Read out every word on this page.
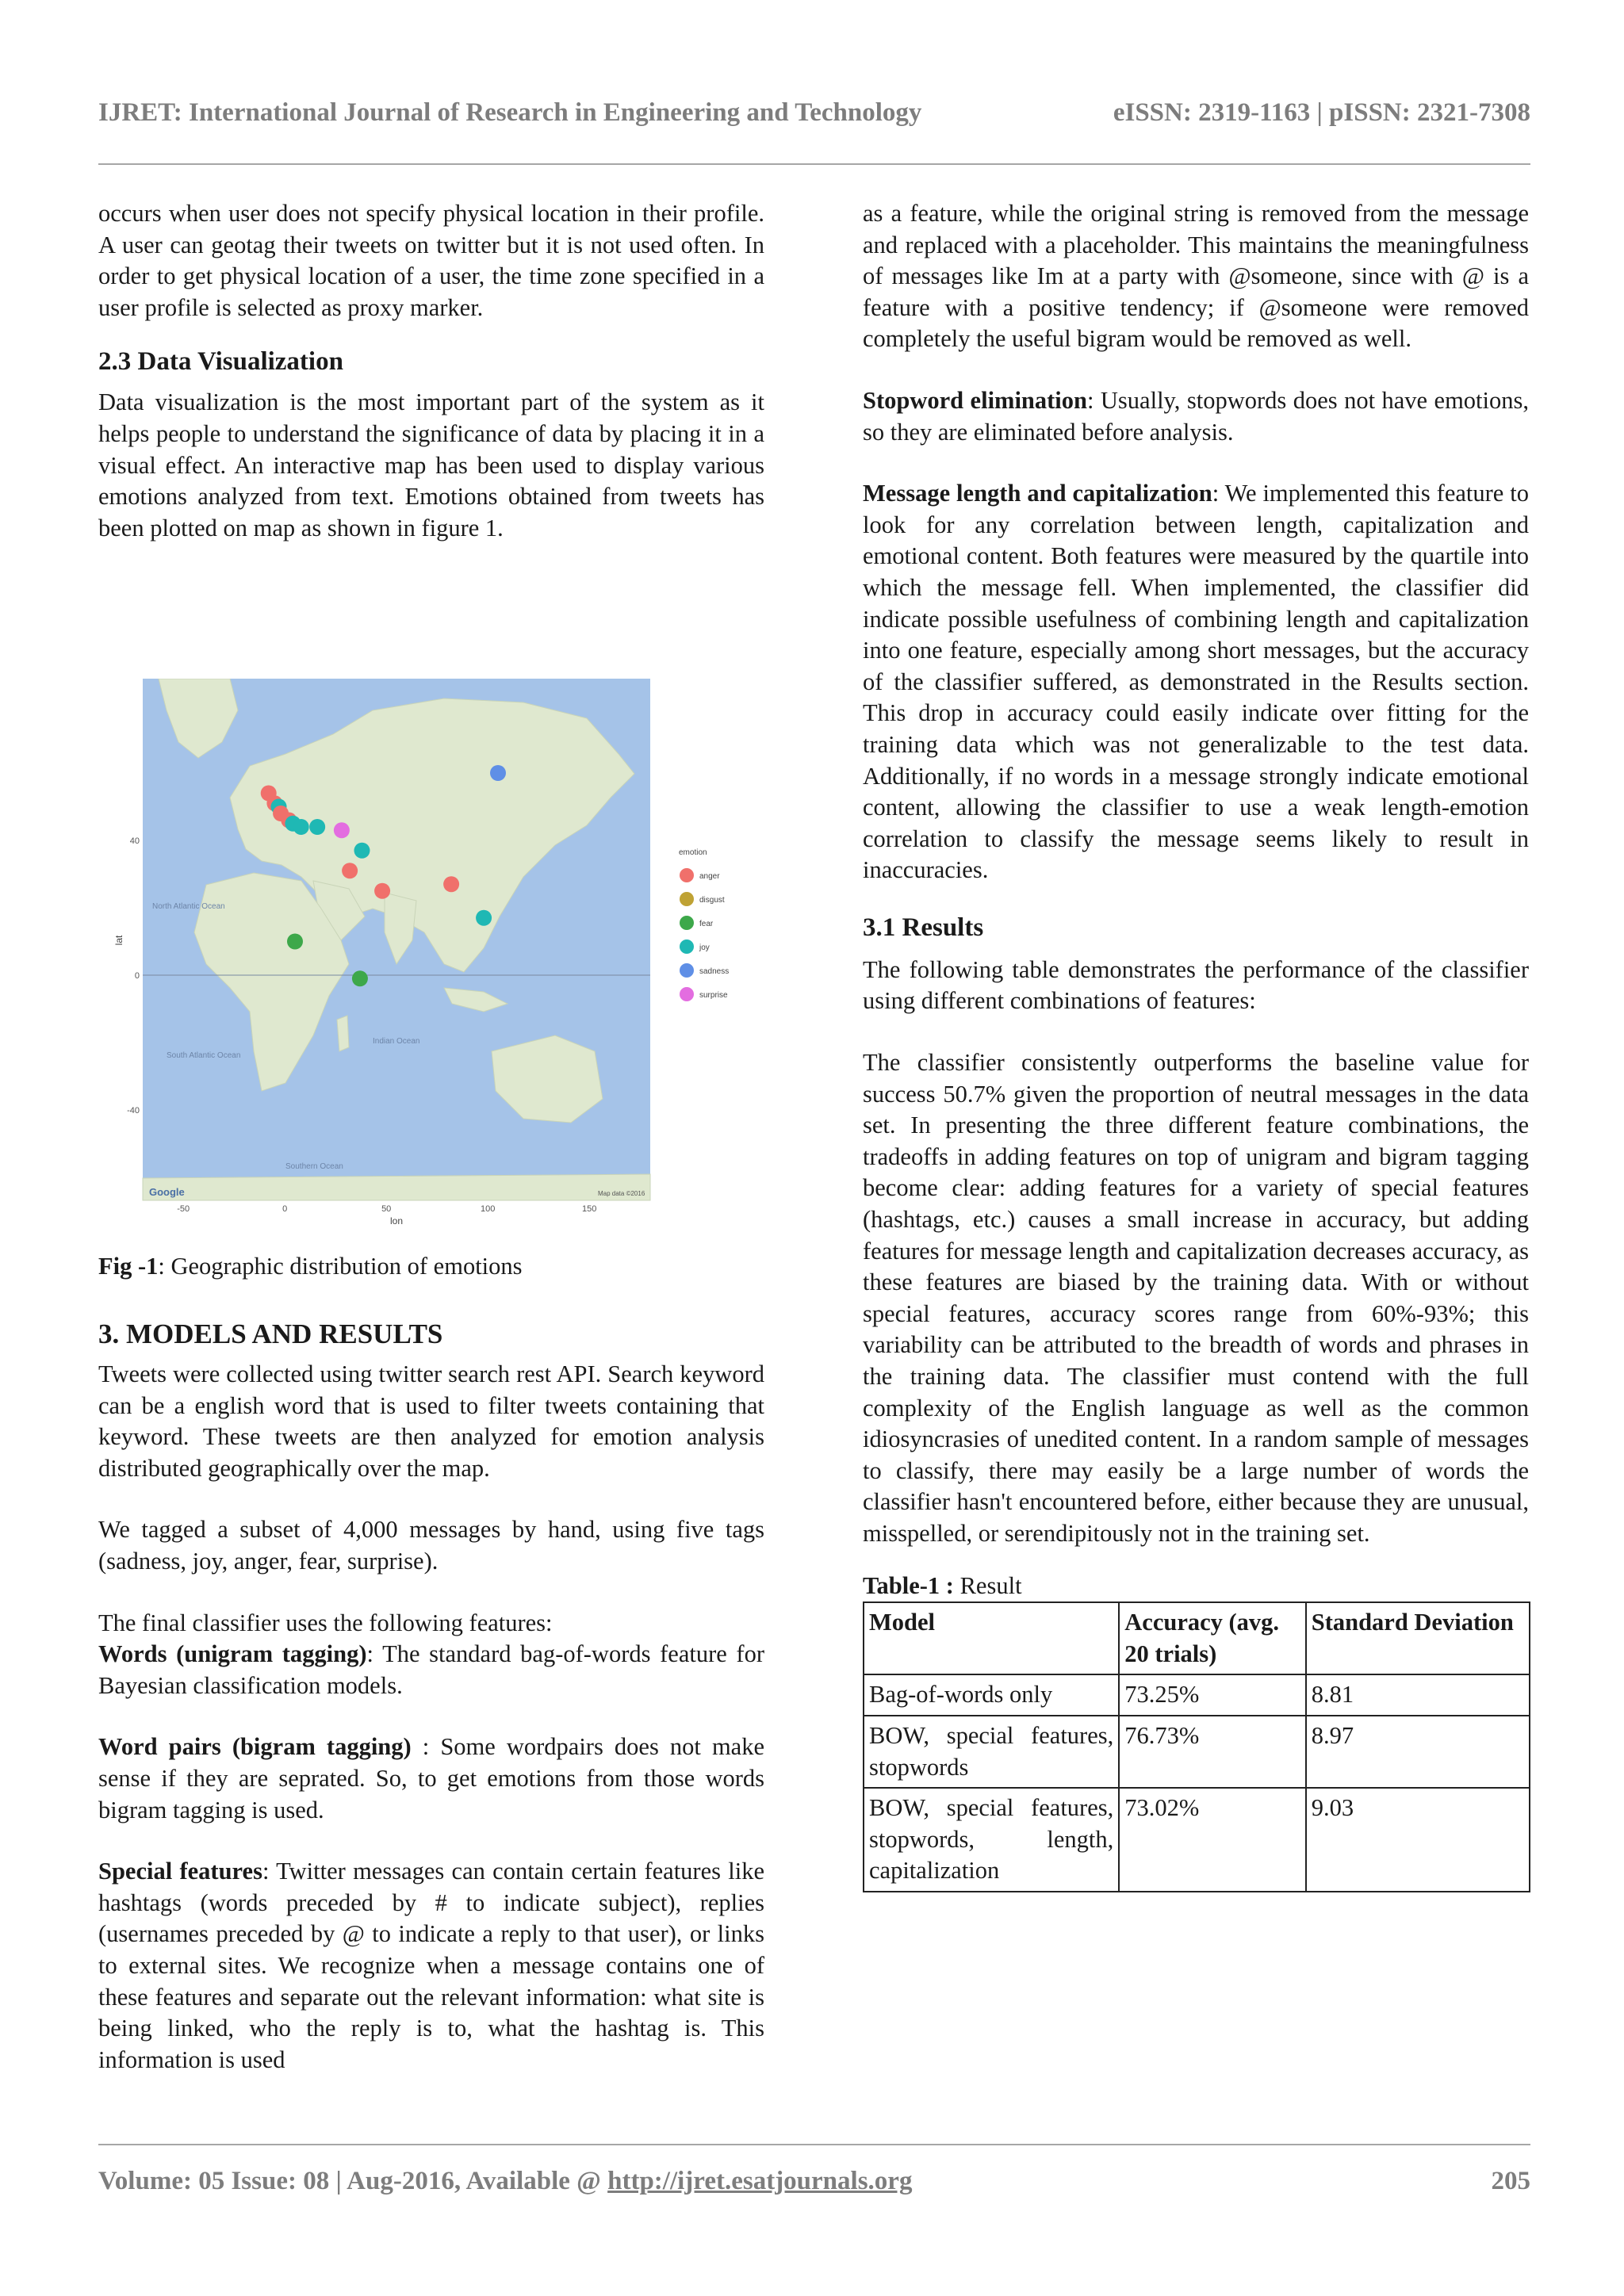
IJRET: International Journal of Research in Engineering and Technology	eISSN: 2319-1163 | pISSN: 2321-7308

occurs when user does not specify physical location in their profile. A user can geotag their tweets on twitter but it is not used often. In order to get physical location of a user, the time zone specified in a user profile is selected as proxy marker.

2.3 Data Visualization

Data visualization is the most important part of the system as it helps people to understand the significance of data by placing it in a visual effect. An interactive map has been used to display various emotions analyzed from text. Emotions obtained from tweets has been plotted on map as shown in figure 1.

North Atlantic Ocean
South Atlantic Ocean
Indian Ocean
Southern Ocean
Google	Map data ©2016
-50	0	50	100	150
40
0
-40
lon
lat
emotion
anger
disgust
fear
joy
sadness
surprise

Fig -1: Geographic distribution of emotions

3. MODELS AND RESULTS

Tweets were collected using twitter search rest API. Search keyword can be a english word that is used to filter tweets containing that keyword. These tweets are then analyzed for emotion analysis distributed geographically over the map.

We tagged a subset of 4,000 messages by hand, using five tags (sadness, joy, anger, fear, surprise).

The final classifier uses the following features:

Words (unigram tagging): The standard bag-of-words feature for Bayesian classification models.

Word pairs (bigram tagging) : Some wordpairs does not make sense if they are seprated. So, to get emotions from those words bigram tagging is used.

Special features: Twitter messages can contain certain features like hashtags (words preceded by # to indicate subject), replies (usernames preceded by @ to indicate a reply to that user), or links to external sites. We recognize when a message contains one of these features and separate out the relevant information: what site is being linked, who the reply is to, what the hashtag is. This information is used

as a feature, while the original string is removed from the message and replaced with a placeholder. This maintains the meaningfulness of messages like Im at a party with @someone, since with @ is a feature with a positive tendency; if @someone were removed completely the useful bigram would be removed as well.

Stopword elimination: Usually, stopwords does not have emotions, so they are eliminated before analysis.

Message length and capitalization: We implemented this feature to look for any correlation between length, capitalization and emotional content. Both features were measured by the quartile into which the message fell. When implemented, the classifier did indicate possible usefulness of combining length and capitalization into one feature, especially among short messages, but the accuracy of the classifier suffered, as demonstrated in the Results section. This drop in accuracy could easily indicate over fitting for the training data which was not generalizable to the test data. Additionally, if no words in a message strongly indicate emotional content, allowing the classifier to use a weak length-emotion correlation to classify the message seems likely to result in inaccuracies.

3.1 Results

The following table demonstrates the performance of the classifier using different combinations of features:

The classifier consistently outperforms the baseline value for success 50.7% given the proportion of neutral messages in the data set. In presenting the three different feature combinations, the tradeoffs in adding features on top of unigram and bigram tagging become clear: adding features for a variety of special features (hashtags, etc.) causes a small increase in accuracy, but adding features for message length and capitalization decreases accuracy, as these features are biased by the training data. With or without special features, accuracy scores range from 60%-93%; this variability can be attributed to the breadth of words and phrases in the training data. The classifier must contend with the full complexity of the English language as well as the common idiosyncrasies of unedited content. In a random sample of messages to classify, there may easily be a large number of words the classifier hasn't encountered before, either because they are unusual, misspelled, or serendipitously not in the training set.

Table-1 : Result

Model	Accuracy (avg. 20 trials)	Standard Deviation
Bag-of-words only	73.25%	8.81
BOW, special features, stopwords	76.73%	8.97
BOW, special features, stopwords, length, capitalization	73.02%	9.03
Volume: 05 Issue: 08 | Aug-2016, Available @ http://ijret.esatjournals.org	205
